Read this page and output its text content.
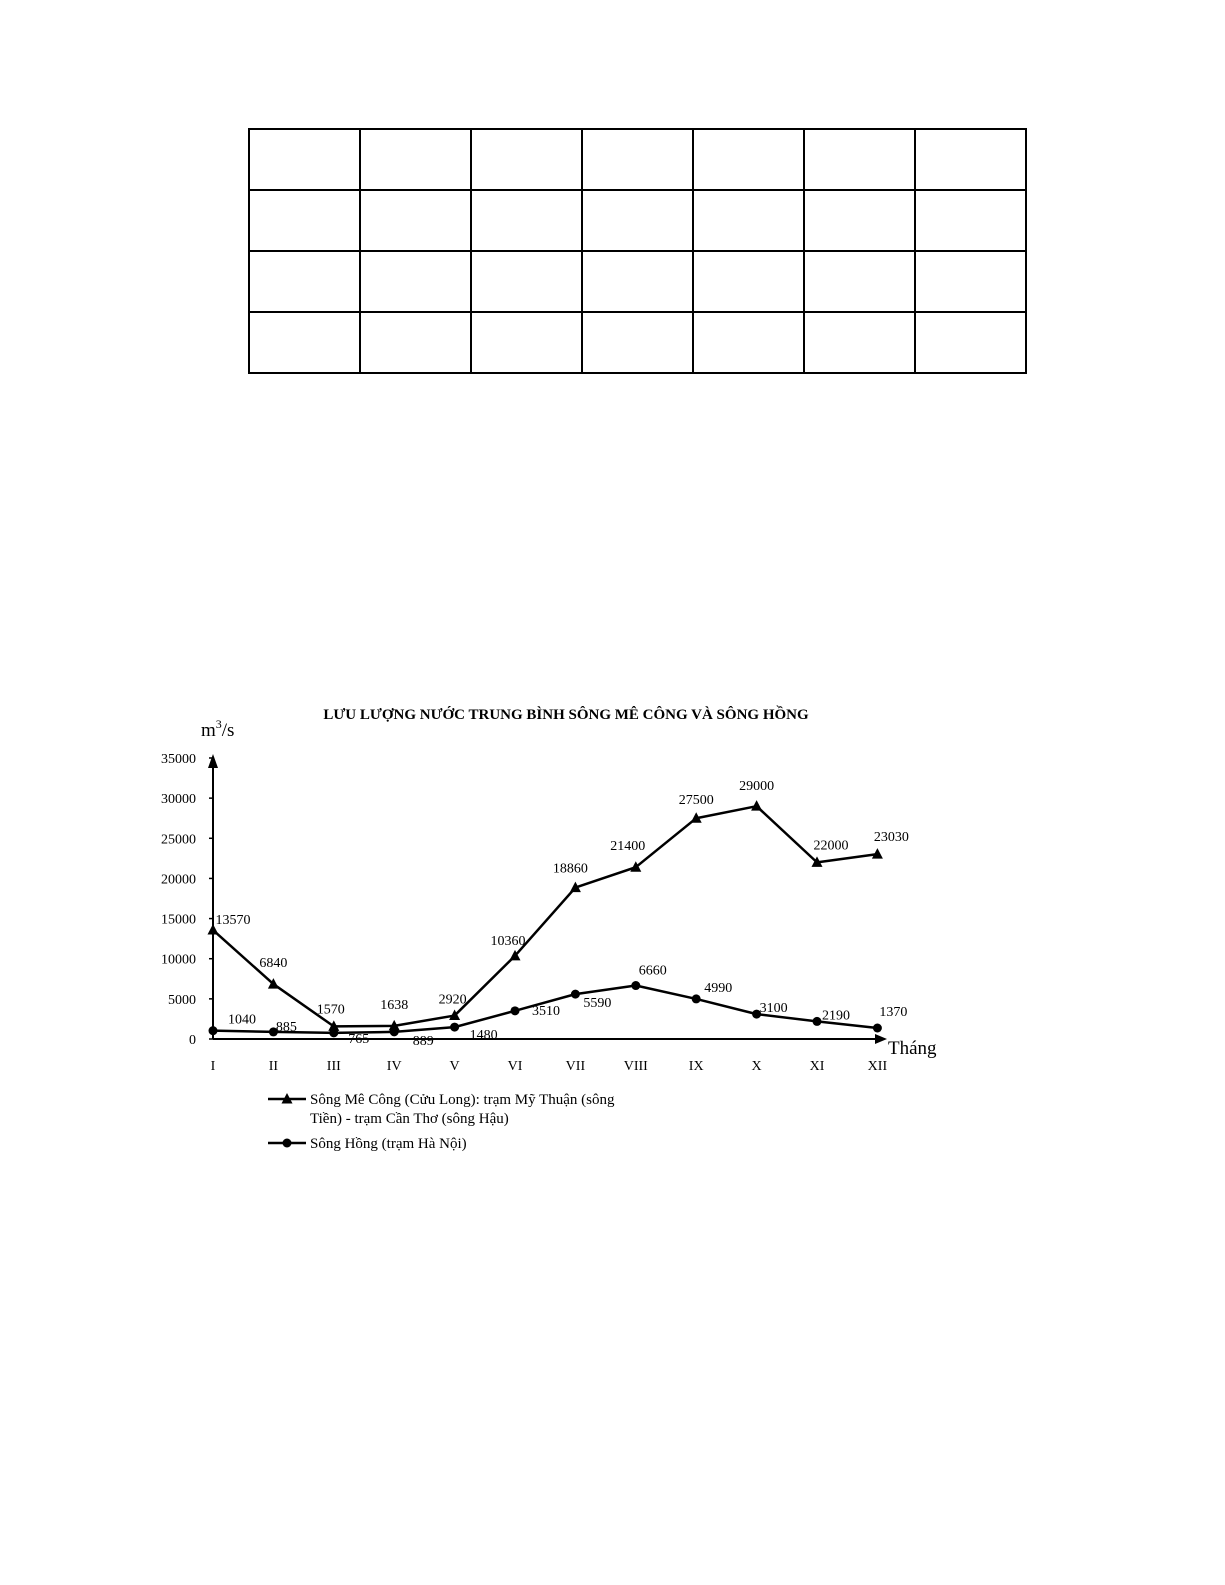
LƯU LƯỢNG NƯỚC TRUNG BÌNH SÔNG MÊ CÔNG VÀ SÔNG HỒNG
$m^3/s$
Tháng
0
5000
10000
15000
20000
25000
30000
35000
I	II	III	IV	V	VI	VII	VIII	IX	X	XI	XII
13570
6840
1570	1638 2920
10360
18860
21400
27500
29000
22000
23030
1040 885
765	889	1480
3510
5590
6660
4990
3100 2190 1370
Sông Mê Công (Cửu Long): trạm Mỹ Thuận (sông
Tiền) - trạm Cần Thơ (sông Hậu)
Sông Hồng (trạm Hà Nội)
